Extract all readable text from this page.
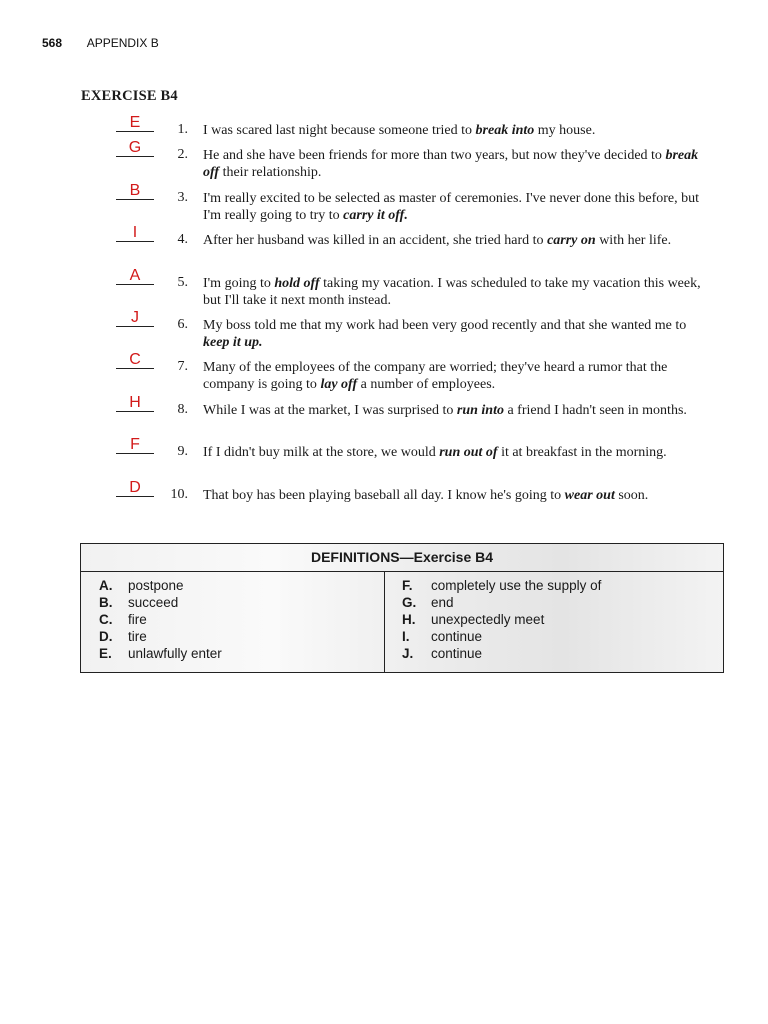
568 APPENDIX B
EXERCISE B4
E	1. I was scared last night because someone tried to break into my house.
G	2. He and she have been friends for more than two years, but now they've decided to break off their relationship.
B	3. I'm really excited to be selected as master of ceremonies. I've never done this before, but I'm really going to try to carry it off.
I	4. After her husband was killed in an accident, she tried hard to carry on with her life.
A	5. I'm going to hold off taking my vacation. I was scheduled to take my vacation this week, but I'll take it next month instead.
J	6. My boss told me that my work had been very good recently and that she wanted me to keep it up.
C	7. Many of the employees of the company are worried; they've heard a rumor that the company is going to lay off a number of employees.
H	8. While I was at the market, I was surprised to run into a friend I hadn't seen in months.
F	9. If I didn't buy milk at the store, we would run out of it at breakfast in the morning.
D	10. That boy has been playing baseball all day. I know he's going to wear out soon.
DEFINITIONS—Exercise B4
A. postpone
B. succeed
C. fire
D. tire
E. unlawfully enter
F. completely use the supply of
G. end
H. unexpectedly meet
I. continue
J. continue
